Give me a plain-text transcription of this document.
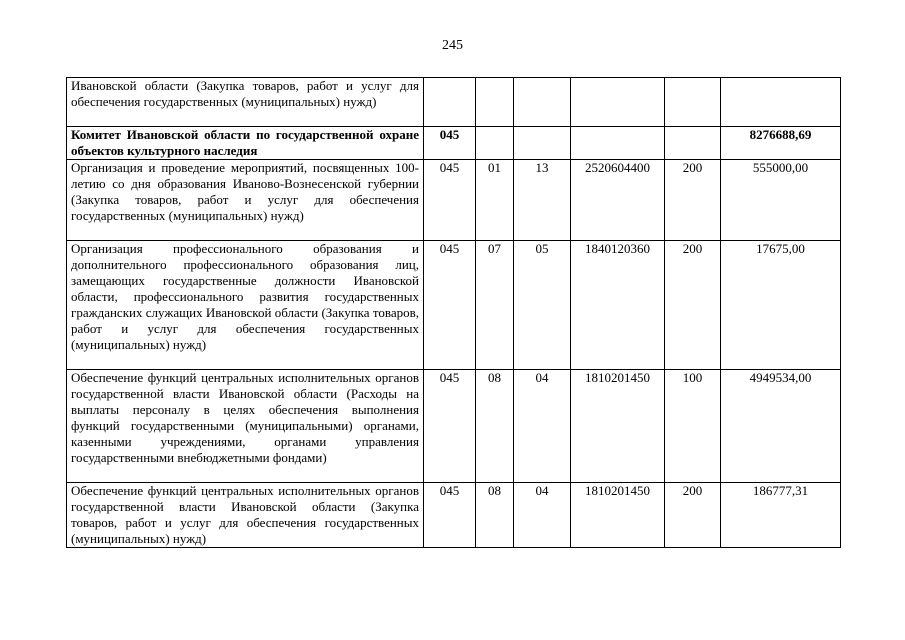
245
Ивановской области (Закупка товаров, работ и услуг для обеспечения государственных (муниципальных) нужд)						
Комитет Ивановской области по государственной охране объектов культурного наследия	045					8276688,69
Организация и проведение мероприятий, посвященных 100-летию со дня образования Иваново-Вознесенской губернии (Закупка товаров, работ и услуг для обеспечения государственных (муниципальных) нужд)	045	01	13	2520604400	200	555000,00
Организация профессионального образования и дополнительного профессионального образования лиц, замещающих государственные должности Ивановской области, профессионального развития государственных гражданских служащих Ивановской области (Закупка товаров, работ и услуг для обеспечения государственных (муниципальных) нужд)	045	07	05	1840120360	200	17675,00
Обеспечение функций центральных исполнительных органов государственной власти Ивановской области (Расходы на выплаты персоналу в целях обеспечения выполнения функций государственными (муниципальными) органами, казенными учреждениями, органами управления государственными внебюджетными фондами)	045	08	04	1810201450	100	4949534,00
Обеспечение функций центральных исполнительных органов государственной власти Ивановской области (Закупка товаров, работ и услуг для обеспечения государственных (муниципальных) нужд)	045	08	04	1810201450	200	186777,31
